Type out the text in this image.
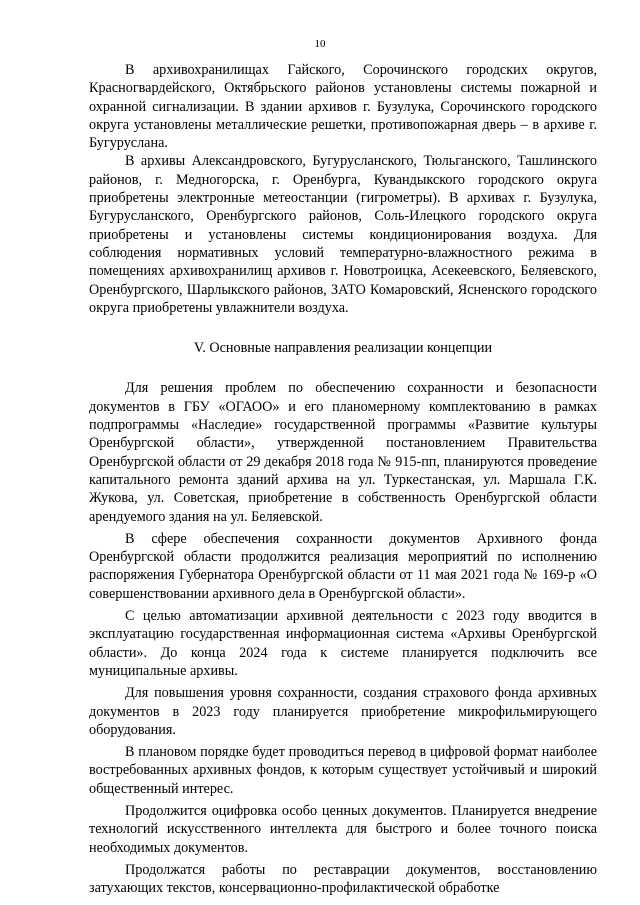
10

В архивохранилищах Гайского, Сорочинского городских округов, Красногвардейского, Октябрьского районов установлены системы пожарной и охранной сигнализации. В здании архивов г. Бузулука, Сорочинского городского округа установлены металлические решетки, противопожарная дверь – в архиве г. Бугуруслана.

В архивы Александровского, Бугурусланского, Тюльганского, Ташлинского районов, г. Медногорска, г. Оренбурга, Кувандыкского городского округа приобретены электронные метеостанции (гигрометры). В архивах г. Бузулука, Бугурусланского, Оренбургского районов, Соль-Илецкого городского округа приобретены и установлены системы кондиционирования воздуха. Для соблюдения нормативных условий температурно-влажностного режима в помещениях архивохранилищ архивов г. Новотроицка, Асекеевского, Беляевского, Оренбургского, Шарлыкского районов, ЗАТО Комаровский, Ясненского городского округа приобретены увлажнители воздуха.

V. Основные направления реализации концепции

Для решения проблем по обеспечению сохранности и безопасности документов в ГБУ «ОГАОО» и его планомерному комплектованию в рамках подпрограммы «Наследие» государственной программы «Развитие культуры Оренбургской области», утвержденной постановлением Правительства Оренбургской области от 29 декабря 2018 года № 915-пп, планируются проведение капитального ремонта зданий архива на ул. Туркестанская, ул. Маршала Г.К. Жукова, ул. Советская, приобретение в собственность Оренбургской области арендуемого здания на ул. Беляевской.

В сфере обеспечения сохранности документов Архивного фонда Оренбургской области продолжится реализация мероприятий по исполнению распоряжения Губернатора Оренбургской области от 11 мая 2021 года № 169-р «О совершенствовании архивного дела в Оренбургской области».

С целью автоматизации архивной деятельности с 2023 году вводится в эксплуатацию государственная информационная система «Архивы Оренбургской области». До конца 2024 года к системе планируется подключить все муниципальные архивы.

Для повышения уровня сохранности, создания страхового фонда архивных документов в 2023 году планируется приобретение микрофильмирующего оборудования.

В плановом порядке будет проводиться перевод в цифровой формат наиболее востребованных архивных фондов, к которым существует устойчивый и широкий общественный интерес.

Продолжится оцифровка особо ценных документов. Планируется внедрение технологий искусственного интеллекта для быстрого и более точного поиска необходимых документов.

Продолжатся работы по реставрации документов, восстановлению затухающих текстов, консервационно-профилактической обработке
